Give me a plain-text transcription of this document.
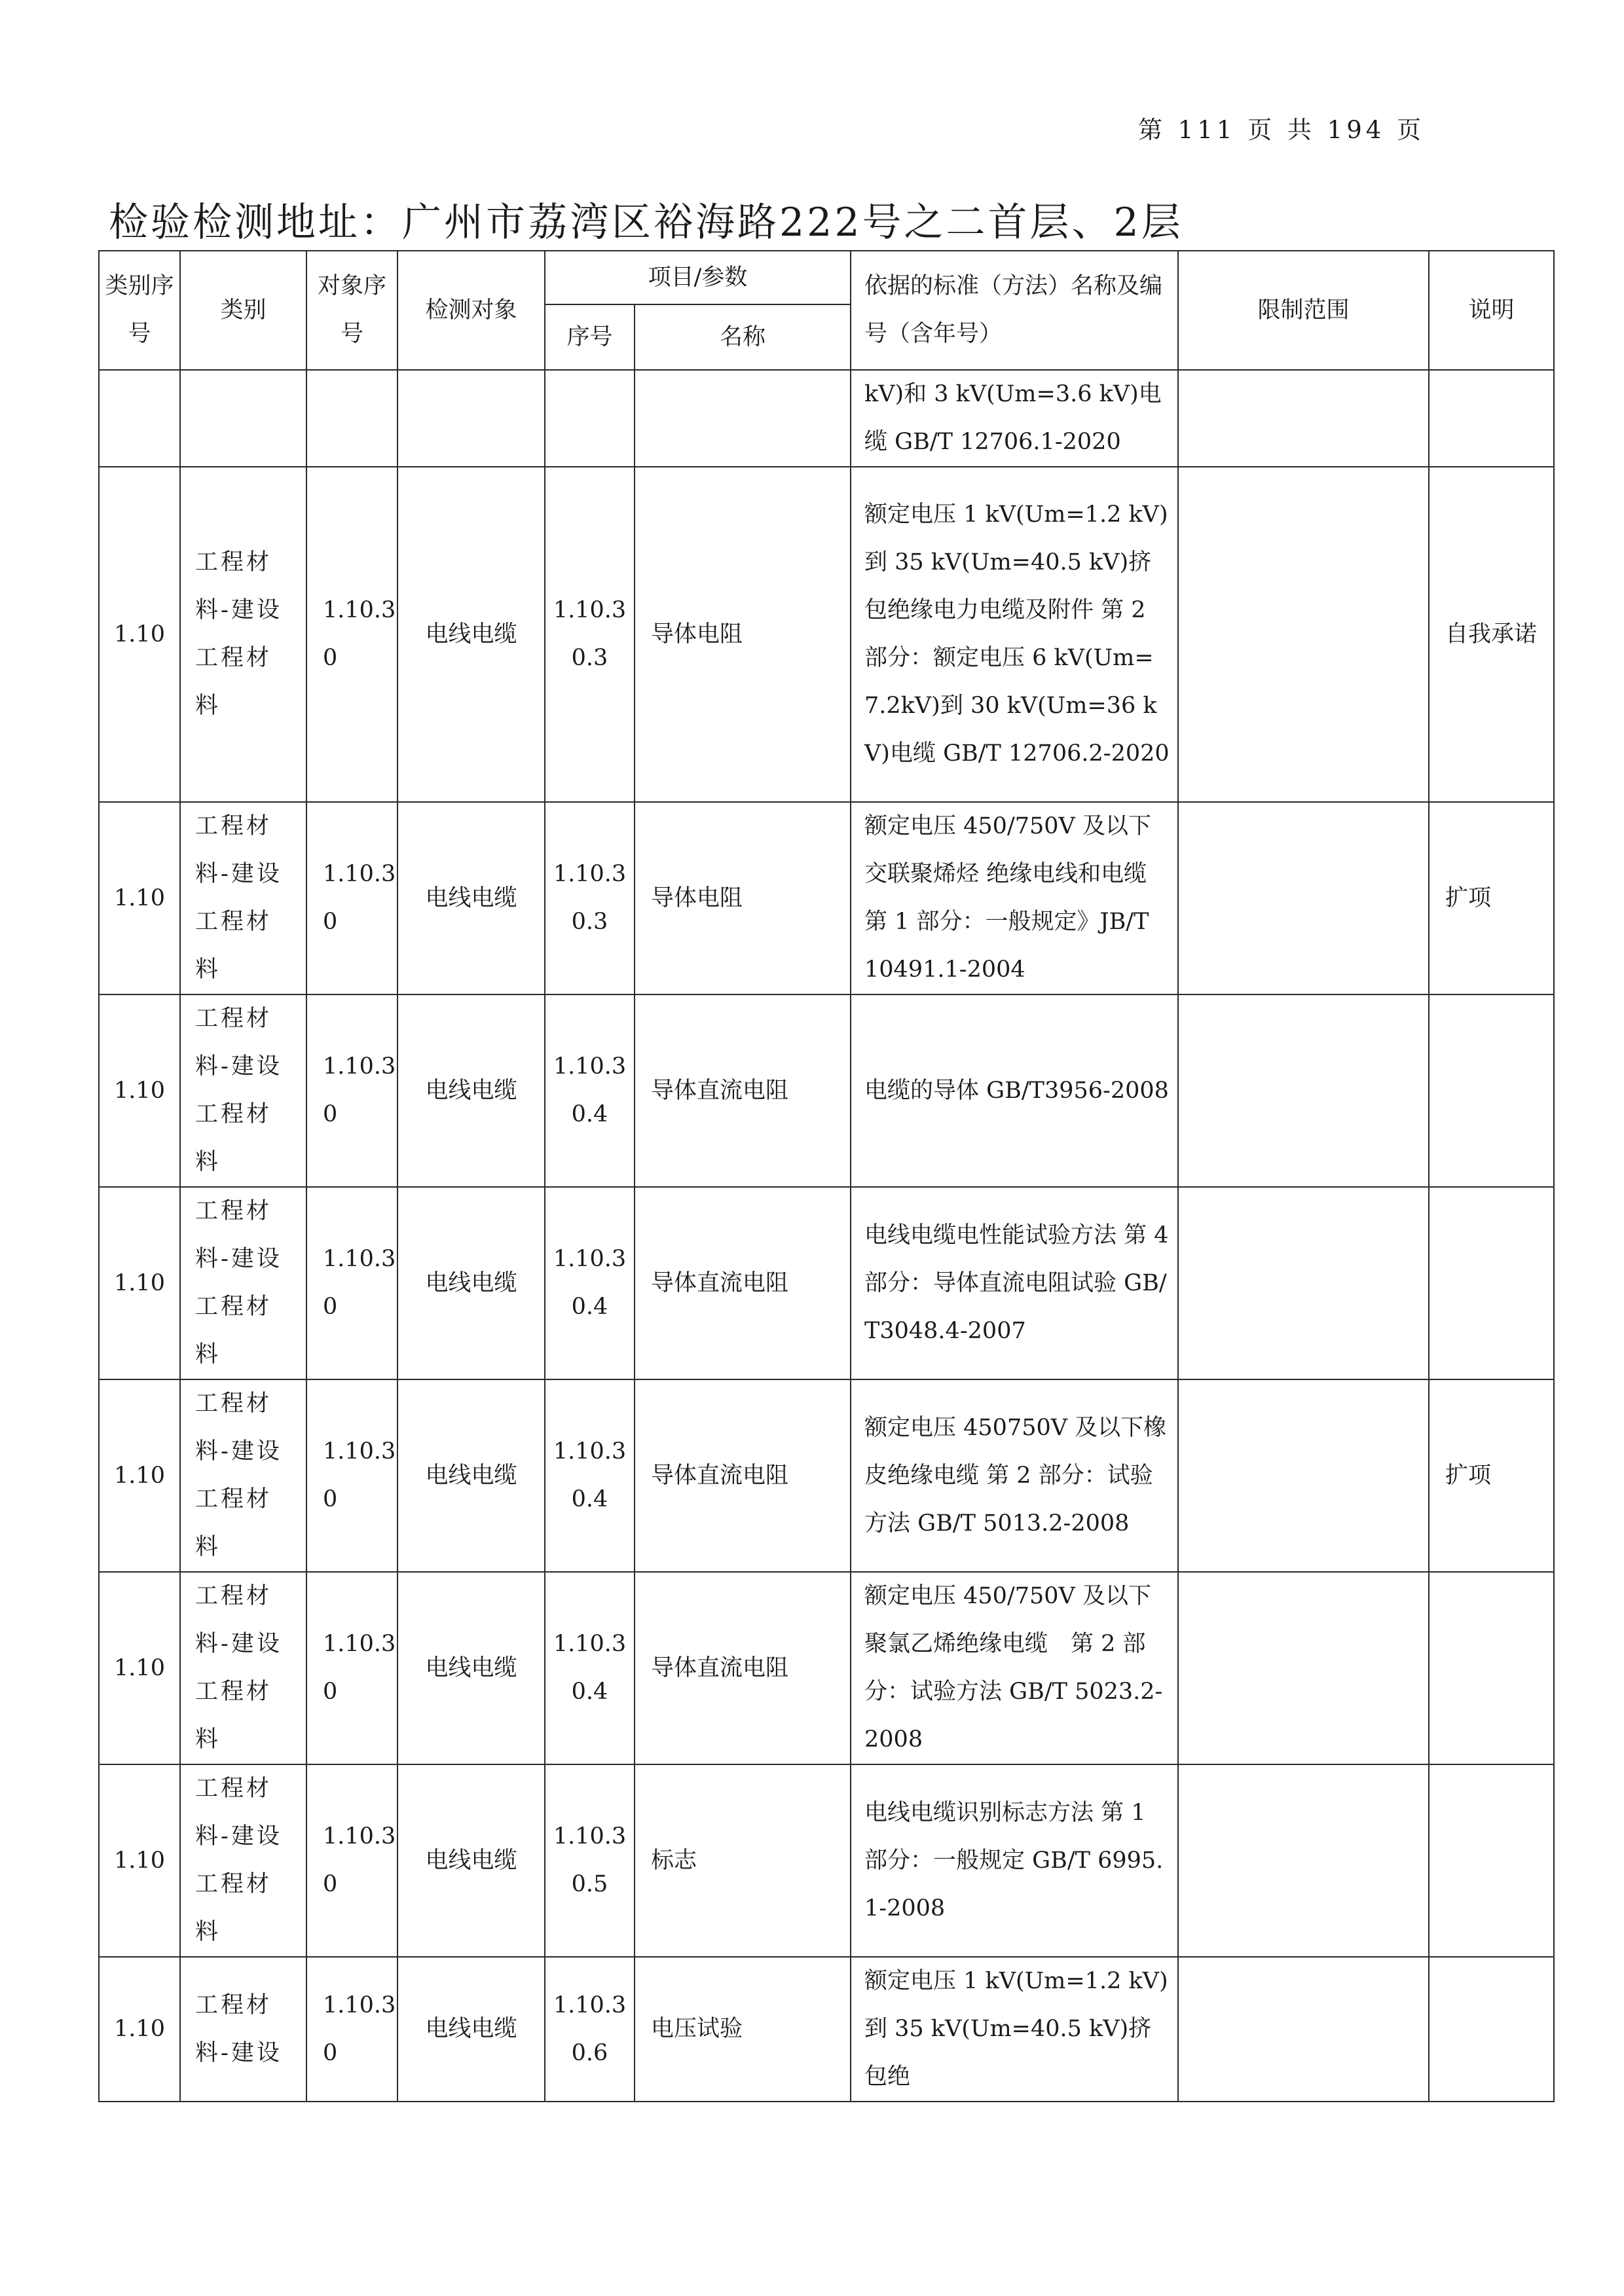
第 111 页 共 194 页
检验检测地址：广州市荔湾区裕海路222号之二首层、2层
类别序号	类别	对象序号	检测对象	项目/参数		依据的标准（方法）名称及编号（含年号）	限制范围	说明
				序号	名称			
						kV)和 3 kV(Um=3.6 kV)电缆 GB/T 12706.1-2020		
1.10	工程材料-建设工程材料	1.10.30	电线电缆	1.10.30.3	导体电阻	额定电压 1 kV(Um=1.2 kV)到 35 kV(Um=40.5 kV)挤包绝缘电力电缆及附件 第 2 部分：额定电压 6 kV(Um=7.2kV)到 30 kV(Um=36 kV)电缆 GB/T 12706.2-2020		自我承诺
1.10	工程材料-建设工程材料	1.10.30	电线电缆	1.10.30.3	导体电阻	额定电压 450/750V 及以下交联聚烯烃 绝缘电线和电缆 第 1 部分：一般规定》JB/T 10491.1-2004		扩项
1.10	工程材料-建设工程材料	1.10.30	电线电缆	1.10.30.4	导体直流电阻	电缆的导体 GB/T3956-2008		
1.10	工程材料-建设工程材料	1.10.30	电线电缆	1.10.30.4	导体直流电阻	电线电缆电性能试验方法 第 4 部分：导体直流电阻试验 GB/T3048.4-2007		
1.10	工程材料-建设工程材料	1.10.30	电线电缆	1.10.30.4	导体直流电阻	额定电压 450750V 及以下橡皮绝缘电缆 第 2 部分：试验方法 GB/T 5013.2-2008		扩项
1.10	工程材料-建设工程材料	1.10.30	电线电缆	1.10.30.4	导体直流电阻	额定电压 450/750V 及以下聚氯乙烯绝缘电缆　第 2 部分：试验方法 GB/T 5023.2-2008		
1.10	工程材料-建设工程材料	1.10.30	电线电缆	1.10.30.5	标志	电线电缆识别标志方法 第 1 部分：一般规定 GB/T 6995.1-2008		
1.10	工程材料-建设	1.10.30	电线电缆	1.10.30.6	电压试验	额定电压 1 kV(Um=1.2 kV)到 35 kV(Um=40.5 kV)挤包绝		
